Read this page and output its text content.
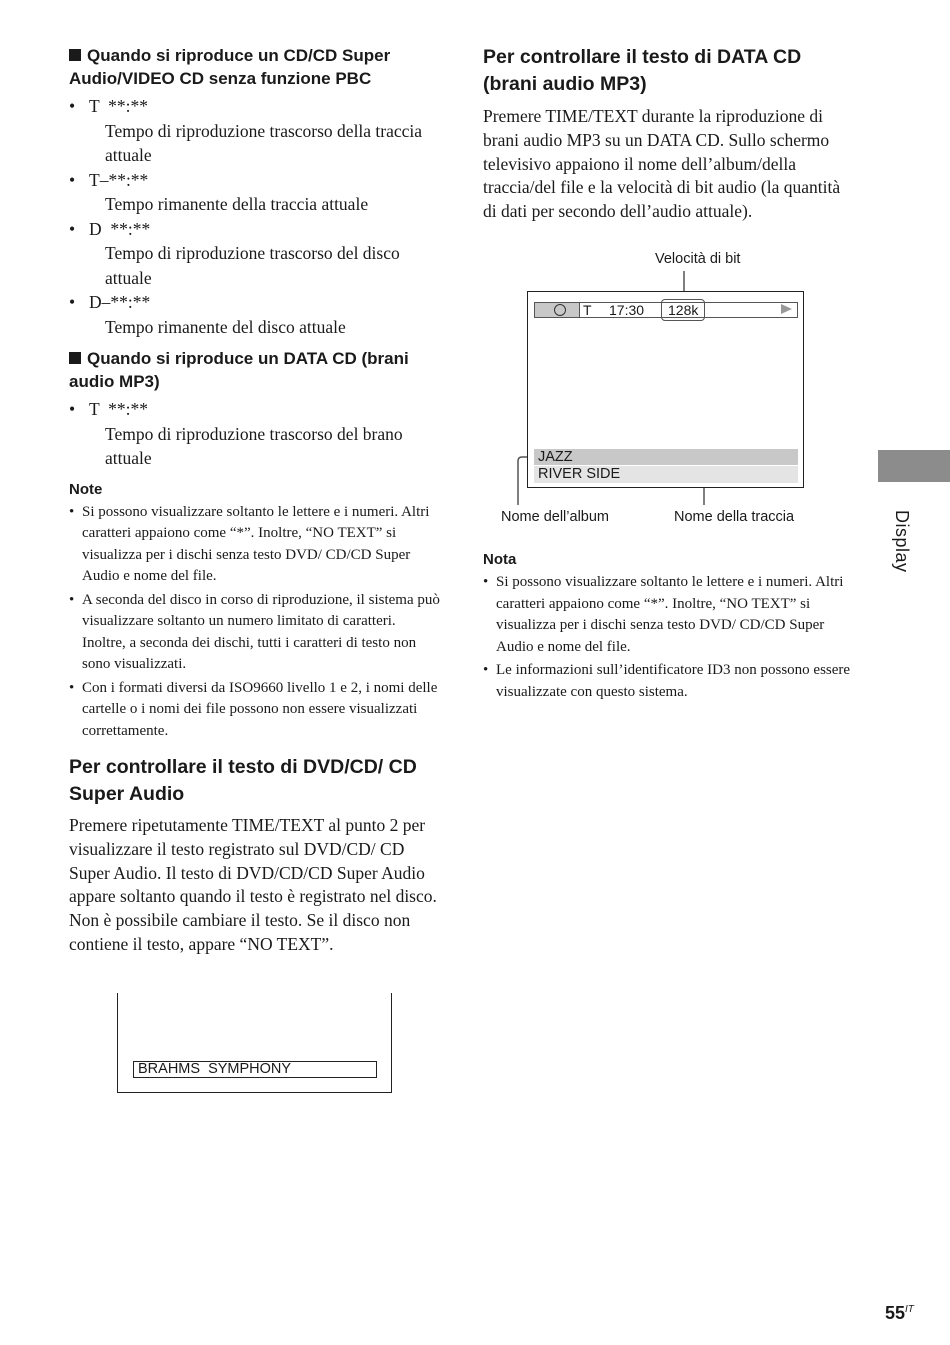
Quando si riproduce un CD/CD Super Audio/VIDEO CD senza funzione PBC
• T  **:**
Tempo di riproduzione trascorso della traccia attuale
• T–**:**
Tempo rimanente della traccia attuale
• D  **:**
Tempo di riproduzione trascorso del disco attuale
• D–**:**
Tempo rimanente del disco attuale
Quando si riproduce un DATA CD (brani audio MP3)
• T  **:**
Tempo di riproduzione trascorso del brano attuale
Note
• Si possono visualizzare soltanto le lettere e i numeri. Altri caratteri appaiono come “*”. Inoltre, “NO TEXT” si visualizza per i dischi senza testo DVD/ CD/CD Super Audio e nome del file.
• A seconda del disco in corso di riproduzione, il sistema può visualizzare soltanto un numero limitato di caratteri. Inoltre, a seconda dei dischi, tutti i caratteri di testo non sono visualizzati.
• Con i formati diversi da ISO9660 livello 1 e 2, i nomi delle cartelle o i nomi dei file possono non essere visualizzati correttamente.
Per controllare il testo di DVD/CD/ CD Super Audio

Premere ripetutamente TIME/TEXT al punto 2 per visualizzare il testo registrato sul DVD/CD/ CD Super Audio. Il testo di DVD/CD/CD Super Audio appare soltanto quando il testo è registrato nel disco. Non è possibile cambiare il testo. Se il disco non contiene il testo, appare “NO TEXT”.

BRAHMS  SYMPHONY
Per controllare il testo di DATA CD (brani audio MP3)

Premere TIME/TEXT durante la riproduzione di brani audio MP3 su un DATA CD. Sullo schermo televisivo appaiono il nome dell’album/della traccia/del file e la velocità di bit audio (la quantità di dati per secondo dell’audio attuale).

Velocità di bit
T 17:30 128k
JAZZ
RIVER SIDE
Nome dell’album	Nome della traccia
Nota
• Si possono visualizzare soltanto le lettere e i numeri. Altri caratteri appaiono come “*”. Inoltre, “NO TEXT” si visualizza per i dischi senza testo DVD/ CD/CD Super Audio e nome del file.
• Le informazioni sull’identificatore ID3 non possono essere visualizzate con questo sistema.
Display
$55^{IT}$
